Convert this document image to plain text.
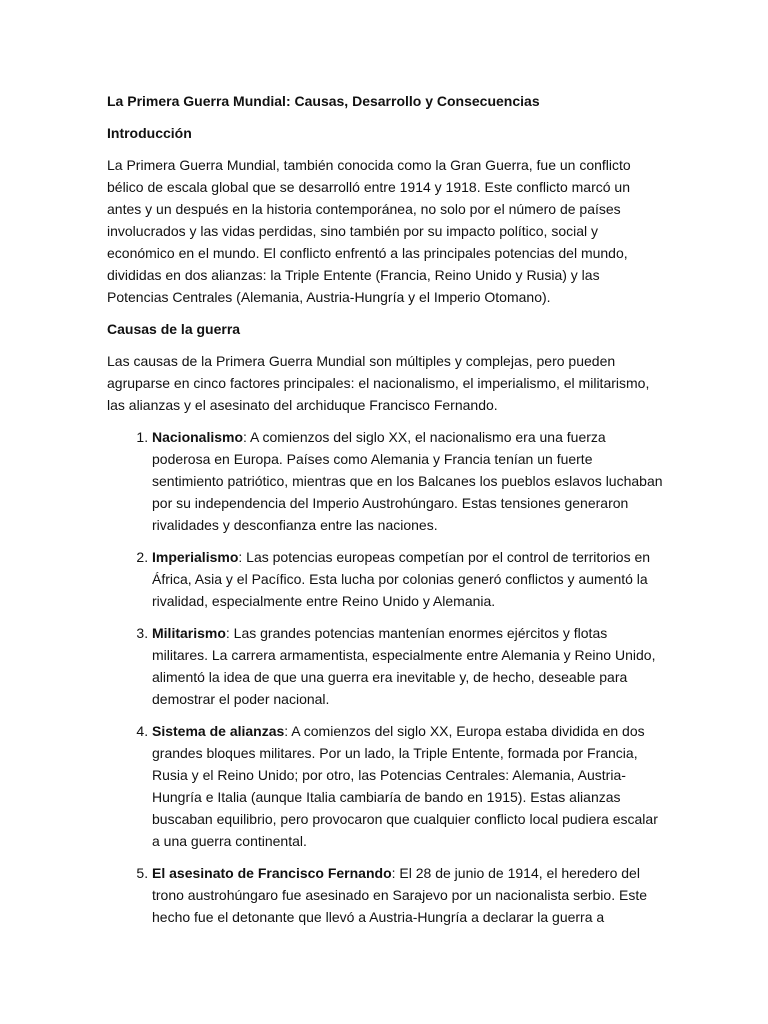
La Primera Guerra Mundial: Causas, Desarrollo y Consecuencias
Introducción

La Primera Guerra Mundial, también conocida como la Gran Guerra, fue un conflicto bélico de escala global que se desarrolló entre 1914 y 1918. Este conflicto marcó un antes y un después en la historia contemporánea, no solo por el número de países involucrados y las vidas perdidas, sino también por su impacto político, social y económico en el mundo. El conflicto enfrentó a las principales potencias del mundo, divididas en dos alianzas: la Triple Entente (Francia, Reino Unido y Rusia) y las Potencias Centrales (Alemania, Austria-Hungría y el Imperio Otomano).

Causas de la guerra

Las causas de la Primera Guerra Mundial son múltiples y complejas, pero pueden agruparse en cinco factores principales: el nacionalismo, el imperialismo, el militarismo, las alianzas y el asesinato del archiduque Francisco Fernando.

1. Nacionalismo: A comienzos del siglo XX, el nacionalismo era una fuerza poderosa en Europa. Países como Alemania y Francia tenían un fuerte sentimiento patriótico, mientras que en los Balcanes los pueblos eslavos luchaban por su independencia del Imperio Austrohúngaro. Estas tensiones generaron rivalidades y desconfianza entre las naciones.
2. Imperialismo: Las potencias europeas competían por el control de territorios en África, Asia y el Pacífico. Esta lucha por colonias generó conflictos y aumentó la rivalidad, especialmente entre Reino Unido y Alemania.
3. Militarismo: Las grandes potencias mantenían enormes ejércitos y flotas militares. La carrera armamentista, especialmente entre Alemania y Reino Unido, alimentó la idea de que una guerra era inevitable y, de hecho, deseable para demostrar el poder nacional.
4. Sistema de alianzas: A comienzos del siglo XX, Europa estaba dividida en dos grandes bloques militares. Por un lado, la Triple Entente, formada por Francia, Rusia y el Reino Unido; por otro, las Potencias Centrales: Alemania, Austria-Hungría e Italia (aunque Italia cambiaría de bando en 1915). Estas alianzas buscaban equilibrio, pero provocaron que cualquier conflicto local pudiera escalar a una guerra continental.
5. El asesinato de Francisco Fernando: El 28 de junio de 1914, el heredero del trono austrohúngaro fue asesinado en Sarajevo por un nacionalista serbio. Este hecho fue el detonante que llevó a Austria-Hungría a declarar la guerra a
